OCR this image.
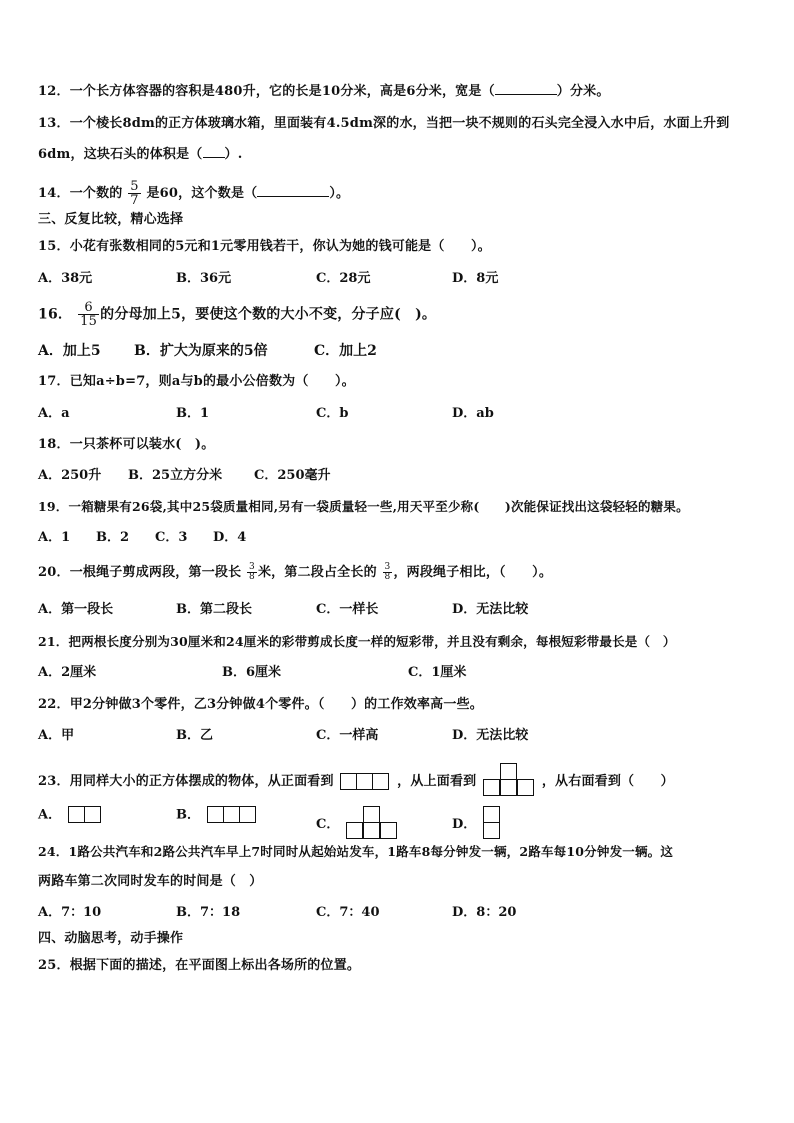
12．一个长方体容器的容积是480升，它的长是10分米，高是6分米，宽是（	）分米。
13．一个棱长8dm的正方体玻璃水箱，里面装有4.5dm深的水，当把一块不规则的石头完全浸入水中后，水面上升到
6dm，这块石头的体积是（ ）.
14．一个数的 $\frac{5}{7}$ 是60，这个数是（	）。
三、反复比较，精心选择
15．小花有张数相同的5元和1元零用钱若干，你认为她的钱可能是（　　）。
A．38元	B．36元	C．28元	D．8元
16． $\frac{6}{15}$ 的分母加上5，要使这个数的大小不变，分子应(　)。
A．加上5 B．扩大为原来的5倍	C．加上2
17．已知a÷b=7，则a与b的最小公倍数为（　　）。
A．a	B．1	C．b	D．ab
18．一只茶杯可以装水(　)。
A．250升 B．25立方分米 C．250毫升
19．一箱糖果有26袋,其中25袋质量相同,另有一袋质量轻一些,用天平至少称(　　)次能保证找出这袋轻轻的糖果。
A．1 B．2 C．3 D．4
20．一根绳子剪成两段，第一段长 $\frac{3}{8}$ 米，第二段占全长的 $\frac{3}{8}$ ，两段绳子相比，（　　）。
A．第一段长	B．第二段长	C．一样长	D．无法比较
21．把两根长度分别为30厘米和24厘米的彩带剪成长度一样的短彩带，并且没有剩余，每根短彩带最长是（　）
A．2厘米	B．6厘米	C．1厘米
22．甲2分钟做3个零件，乙3分钟做4个零件。（　　）的工作效率高一些。
A．甲	B．乙	C．一样高	D．无法比较
23．用同样大小的正方体摆成的物体，从正面看到	，从上面看到	，从右面看到（　　）
A．	B．
C．	D．
24．1路公共汽车和2路公共汽车早上7时同时从起始站发车，1路车8每分钟发一辆，2路车每10分钟发一辆。这
两路车第二次同时发车的时间是（　）
A．7：10	B．7：18	C．7：40	D．8：20
四、动脑思考，动手操作
25．根据下面的描述，在平面图上标出各场所的位置。
